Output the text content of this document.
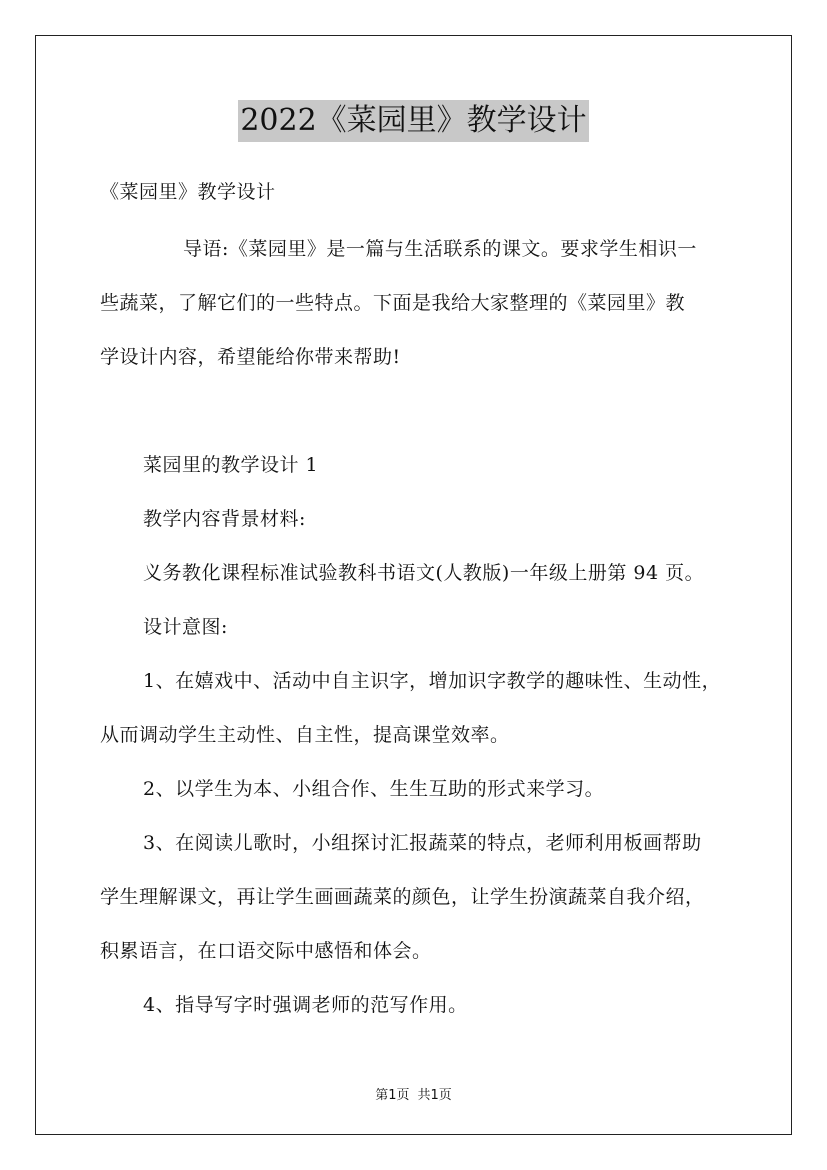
2022《菜园里》教学设计
《菜园里》教学设计
导语:《菜园里》是一篇与生活联系的课文。要求学生相识一
些蔬菜，了解它们的一些特点。下面是我给大家整理的《菜园里》教
学设计内容，希望能给你带来帮助!
菜园里的教学设计 1
教学内容背景材料:
义务教化课程标准试验教科书语文(人教版)一年级上册第 94 页。
设计意图:
1、在嬉戏中、活动中自主识字，增加识字教学的趣味性、生动性，
从而调动学生主动性、自主性，提高课堂效率。
2、以学生为本、小组合作、生生互助的形式来学习。
3、在阅读儿歌时，小组探讨汇报蔬菜的特点，老师利用板画帮助
学生理解课文，再让学生画画蔬菜的颜色，让学生扮演蔬菜自我介绍，
积累语言，在口语交际中感悟和体会。
4、指导写字时强调老师的范写作用。
第1页 共1页
